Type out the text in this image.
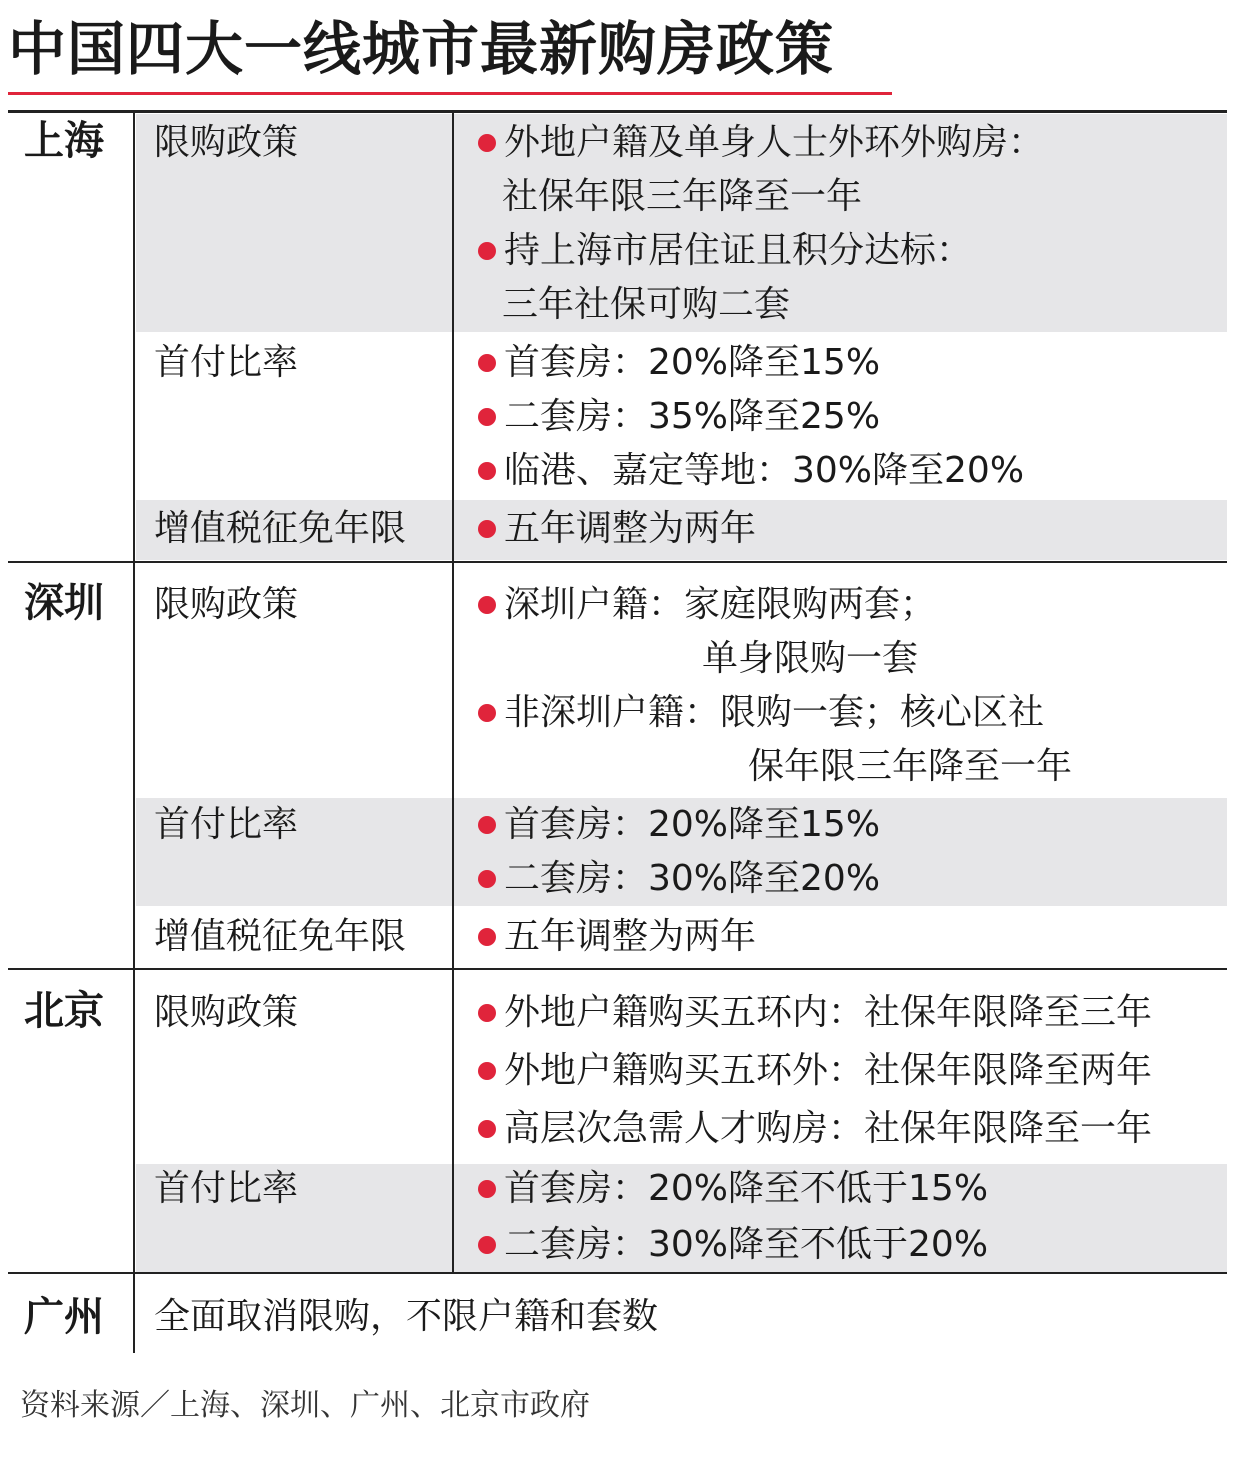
中国四大一线城市最新购房政策
上海 限购政策	外地户籍及单身人士外环外购房：
社保年限三年降至一年
持上海市居住证且积分达标：
三年社保可购二套
首付比率	首套房：20%降至15%
二套房：35%降至25%
临港、嘉定等地：30%降至20%
增值税征免年限	五年调整为两年
深圳 限购政策	深圳户籍：家庭限购两套；
单身限购一套
非深圳户籍：限购一套；核心区社
保年限三年降至一年
首付比率	首套房：20%降至15%
二套房：30%降至20%
增值税征免年限	五年调整为两年
北京 限购政策	外地户籍购买五环内：社保年限降至三年
外地户籍购买五环外：社保年限降至两年
高层次急需人才购房：社保年限降至一年
首付比率	首套房：20%降至不低于15%
二套房：30%降至不低于20%
广州 全面取消限购，不限户籍和套数
资料来源／上海、深圳、广州、北京市政府
